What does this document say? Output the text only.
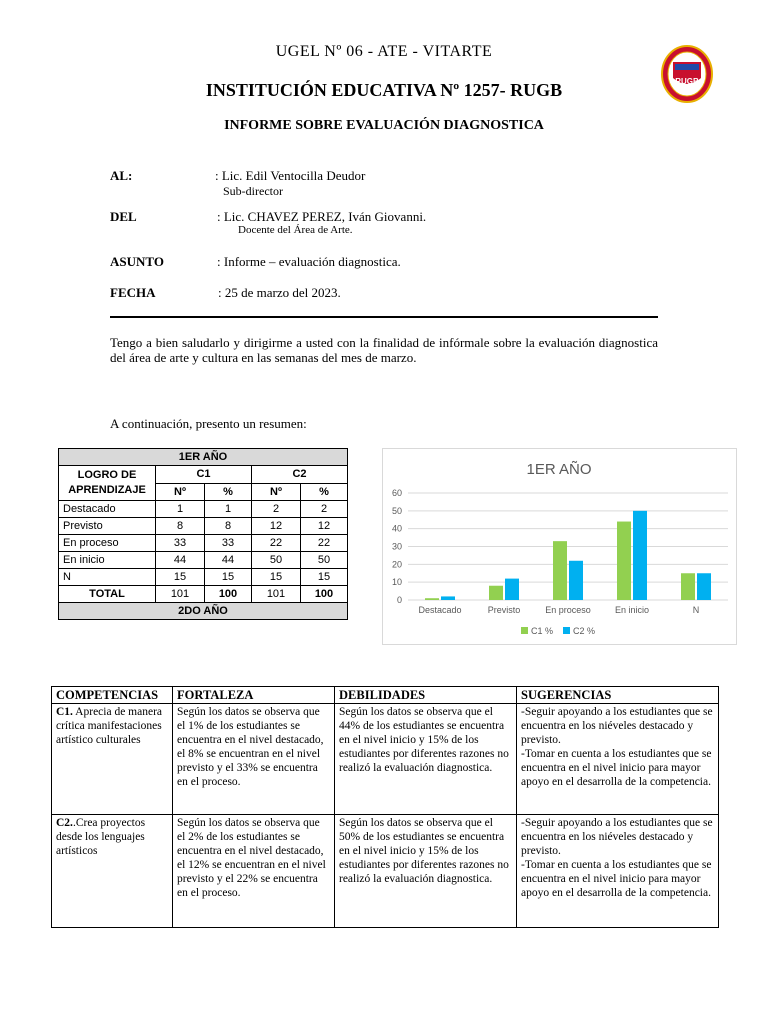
UGEL Nº 06 - ATE - VITARTE
INSTITUCIÓN EDUCATIVA Nº 1257- RUGB
INFORME SOBRE EVALUACIÓN DIAGNOSTICA
RUGB
AL:	: Lic. Edil Ventocilla Deudor
Sub-director
DEL	: Lic. CHAVEZ PEREZ, Iván Giovanni.
Docente del Área de Arte.
ASUNTO	: Informe – evaluación diagnostica.
FECHA	: 25 de marzo del 2023.
Tengo a bien saludarlo y dirigirme a usted con la finalidad de infórmale sobre la evaluación diagnostica del área de arte y cultura en las semanas del mes de marzo.
A continuación, presento un resumen:
1ER AÑO				
LOGRO DE APRENDIZAJE	C1		C2	
	Nº	%	Nº	%
Destacado	1	1	2	2
Previsto	8	8	12	12
En proceso	33	33	22	22
En inicio	44	44	50	50
N	15	15	15	15
TOTAL	101	100	101	100
2DO AÑO				
1ER AÑO
0
10
20
30
40
50
60
Destacado	Previsto	En proceso	En inicio	N
C1 % C2 %
COMPETENCIAS	FORTALEZA	DEBILIDADES	SUGERENCIAS
C1. Aprecia de manera crítica manifestaciones artístico culturales	Según los datos se observa que el 1% de los estudiantes se encuentra en el nivel destacado, el 8% se encuentran en el nivel previsto y el 33% se encuentra en el proceso.	Según los datos se observa que el 44% de los estudiantes se encuentra en el nivel inicio y 15% de los estudiantes por diferentes razones no realizó la evaluación diagnostica.	-Seguir apoyando a los estudiantes que se encuentra en los niéveles destacado y previsto.
-Tomar en cuenta a los estudiantes que se encuentra en el nivel inicio para mayor apoyo en el desarrolla de la competencia.

C2..Crea proyectos desde los lenguajes artísticos	Según los datos se observa que el 2% de los estudiantes se encuentra en el nivel destacado, el 12% se encuentran en el nivel previsto y el 22% se encuentra en el proceso.	Según los datos se observa que el 50% de los estudiantes se encuentra en el nivel inicio y 15% de los estudiantes por diferentes razones no realizó la evaluación diagnostica.	-Seguir apoyando a los estudiantes que se encuentra en los niéveles destacado y previsto.
-Tomar en cuenta a los estudiantes que se encuentra en el nivel inicio para mayor apoyo en el desarrolla de la competencia.
